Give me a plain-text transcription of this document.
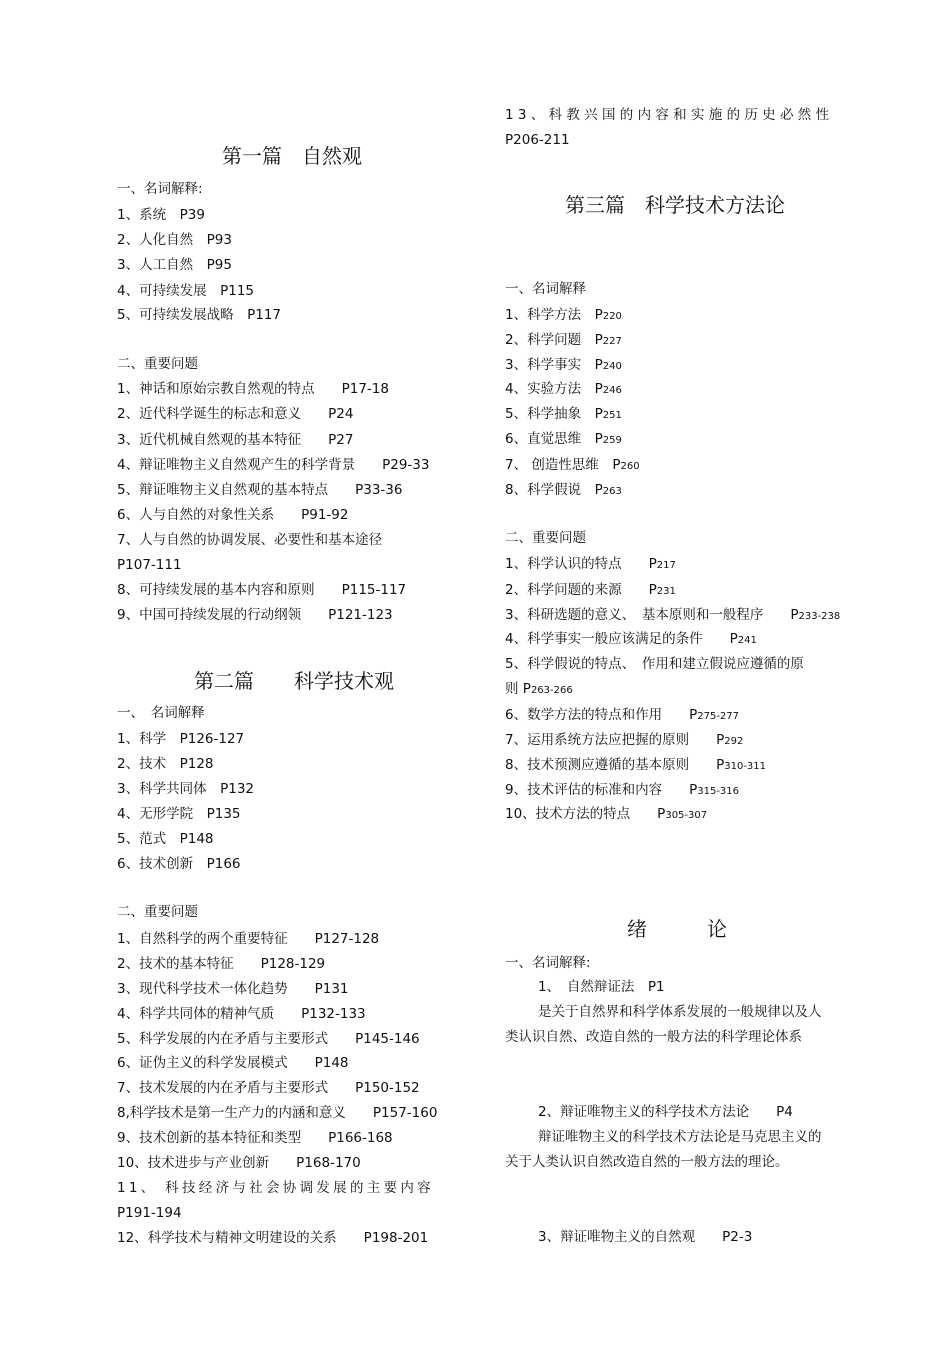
第一篇　自然观
一、名词解释:
1、系统　P39
2、人化自然　P93
3、人工自然　P95
4、可持续发展　P115
5、可持续发展战略　P117
二、重要问题
1、神话和原始宗教自然观的特点　　P17-18
2、近代科学诞生的标志和意义　　P24
3、近代机械自然观的基本特征　　P27
4、辩证唯物主义自然观产生的科学背景　　P29-33
5、辩证唯物主义自然观的基本特点　　P33-36
6、人与自然的对象性关系　　P91-92
7、人与自然的协调发展、必要性和基本途径
P107-111
8、可持续发展的基本内容和原则　　P115-117
9、中国可持续发展的行动纲领　　P121-123
第二篇　　科学技术观
一、　名词解释
1、科学　P126-127
2、技术　P128
3、科学共同体　P132
4、无形学院　P135
5、范式　P148
6、技术创新　P166
二、重要问题
1、自然科学的两个重要特征　　P127-128
2、技术的基本特征　　P128-129
3、现代科学技术一体化趋势　　P131
4、科学共同体的精神气质　　P132-133
5、科学发展的内在矛盾与主要形式　　P145-146
6、证伪主义的科学发展模式　　P148
7、技术发展的内在矛盾与主要形式　　P150-152
8,科学技术是第一生产力的内涵和意义　　P157-160
9、技术创新的基本特征和类型　　P166-168
10、技术进步与产业创新　　P168-170
11、 科技经济与社会协调发展的主要内容
P191-194
12、科学技术与精神文明建设的关系　　P198-201
13、科教兴国的内容和实施的历史必然性
P206-211
第三篇　科学技术方法论
一、名词解释
1、科学方法　P220
2、科学问题　P227
3、科学事实　P240
4、实验方法　P246
5、科学抽象　P251
6、直觉思维　P259
7、 创造性思维　P260
8、科学假说　P263
二、重要问题
1、科学认识的特点　　P217
2、科学问题的来源　　P231
3、科研选题的意义、　基本原则和一般程序　　P233-238
4、科学事实一般应该满足的条件　　P241
5、科学假说的特点、　作用和建立假说应遵循的原
则 P263-266
6、数学方法的特点和作用　　P275-277
7、运用系统方法应把握的原则　　P292
8、技术预测应遵循的基本原则　　P310-311
9、技术评估的标准和内容　　P315-316
10、技术方法的特点　　P305-307
绪　　　论
一、名词解释:
1、　自然辩证法　P1
是关于自然界和科学体系发展的一般规律以及人类认识自然、改造自然的一般方法的科学理论体系
2、辩证唯物主义的科学技术方法论　　P4
辩证唯物主义的科学技术方法论是马克思主义的关于人类认识自然改造自然的一般方法的理论。
3、辩证唯物主义的自然观　　P2-3
